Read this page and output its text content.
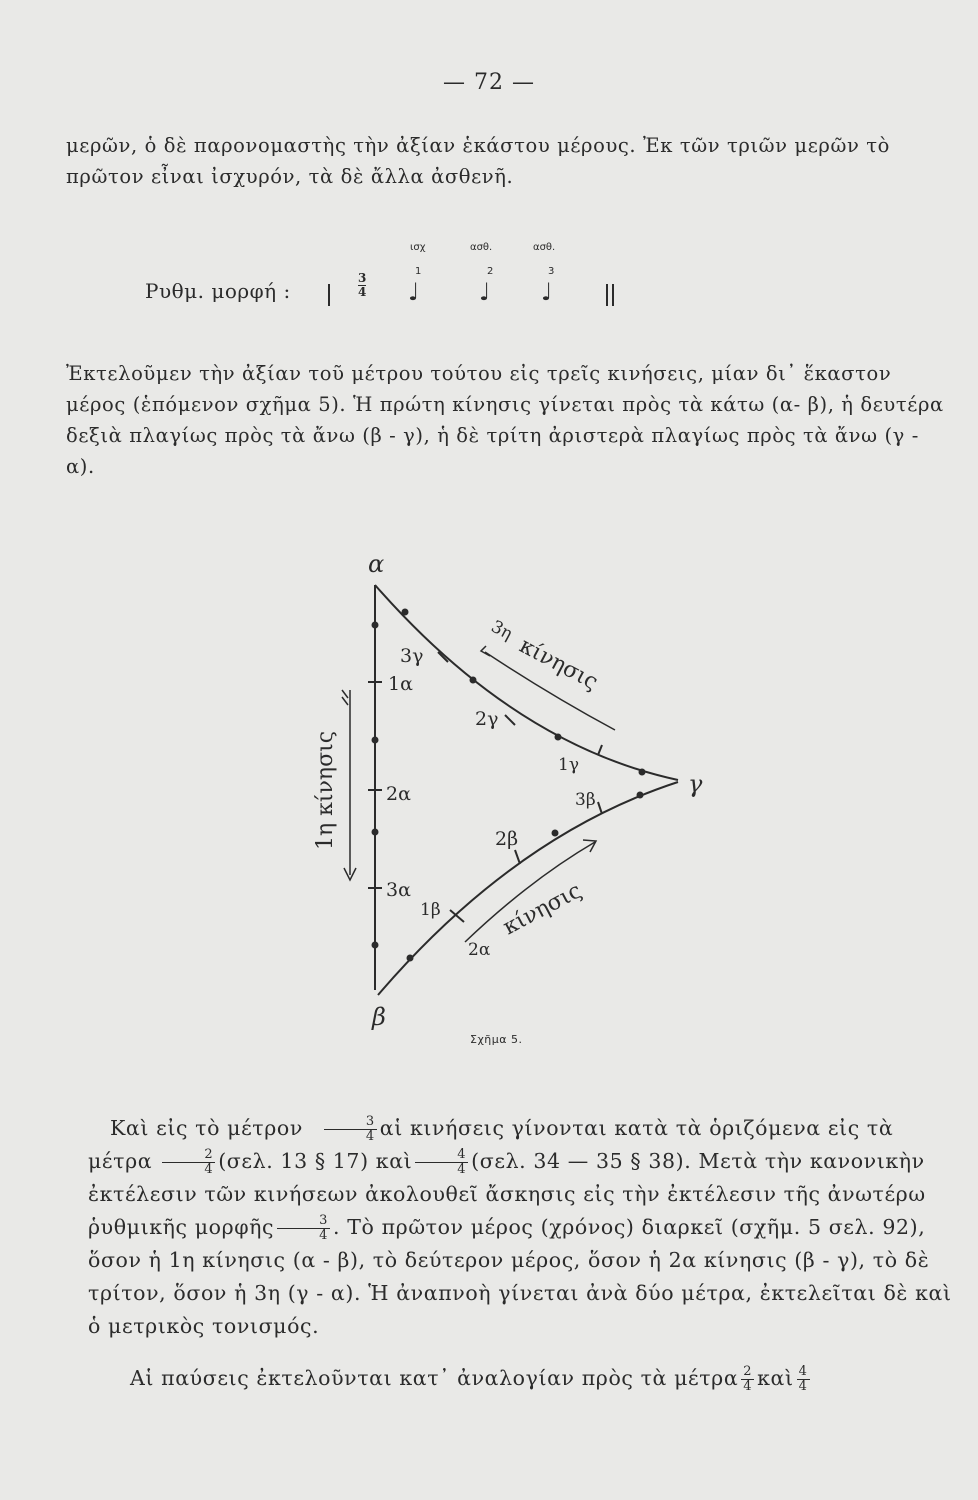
— 72 —

μερῶν, ὁ δὲ παρονομαστὴς τὴν ἀξίαν ἑκάστου μέρους. Ἐκ τῶν τριῶν μερῶν τὸ πρῶτον εἶναι ἰσχυρόν, τὰ δὲ ἄλλα ἀσθενῆ.

Ρυθμ. μορφή :	$\frac{3}{4}$
ισχ	ασθ.	ασθ.
1	2	3
♩ ♩ ♩

Ἐκτελοῦμεν τὴν ἀξίαν τοῦ μέτρου τούτου εἰς τρεῖς κινήσεις, μίαν δι᾽ ἕκαστον μέρος (ἑπόμενον σχῆμα 5). Ἡ πρώτη κίνησις γίνεται πρὸς τὰ κάτω (α- β), ἡ δευτέρα δεξιὰ πλαγίως πρὸς τὰ ἄνω (β - γ), ἡ δὲ τρίτη ἀριστερὰ πλαγίως πρὸς τὰ ἄνω (γ - α).

α
β
γ
1α
2α
3α
1β
2β
3β
1γ
2γ
3γ
1η κίνησις
2α
κίνησις
3η
κίνησις
Σχῆμα 5.

Καὶ εἰς τὸ μέτρον $\frac{3}{4}$ αἱ κινήσεις γίνονται κατὰ τὰ ὁριζόμενα εἰς τὰ μέτρα $\frac{2}{4} (\sigma\varepsilon\lambda$. 13 § 17) καὶ $\frac{4}{4} (\sigma\varepsilon\lambda$. 34 — 35 § 38). Μετὰ τὴν κανονικὴν ἐκτέλεσιν τῶν κινήσεων ἀκολουθεῖ ἄσκησις εἰς τὴν ἐκτέλεσιν τῆς ἀνωτέρω ῥυθμικῆς μορφῆς $\frac{3}{4}$ . Τὸ πρῶτον μέρος (χρόνος) διαρκεῖ (σχῆμ. 5 σελ. 92), ὅσον ἡ 1η κίνησις (α - β), τὸ δεύτερον μέρος, ὅσον ἡ 2α κίνησις (β - γ), τὸ δὲ τρίτον, ὅσον ἡ 3η (γ - α). Ἡ ἀναπνοὴ γίνεται ἀνὰ δύο μέτρα, ἐκτελεῖται δὲ καὶ ὁ μετρικὸς τονισμός.

Αἱ παύσεις ἐκτελοῦνται κατ᾽ ἀναλογίαν πρὸς τὰ μέτρα $\frac{2}{4}$ καὶ $\frac{4}{4}$
